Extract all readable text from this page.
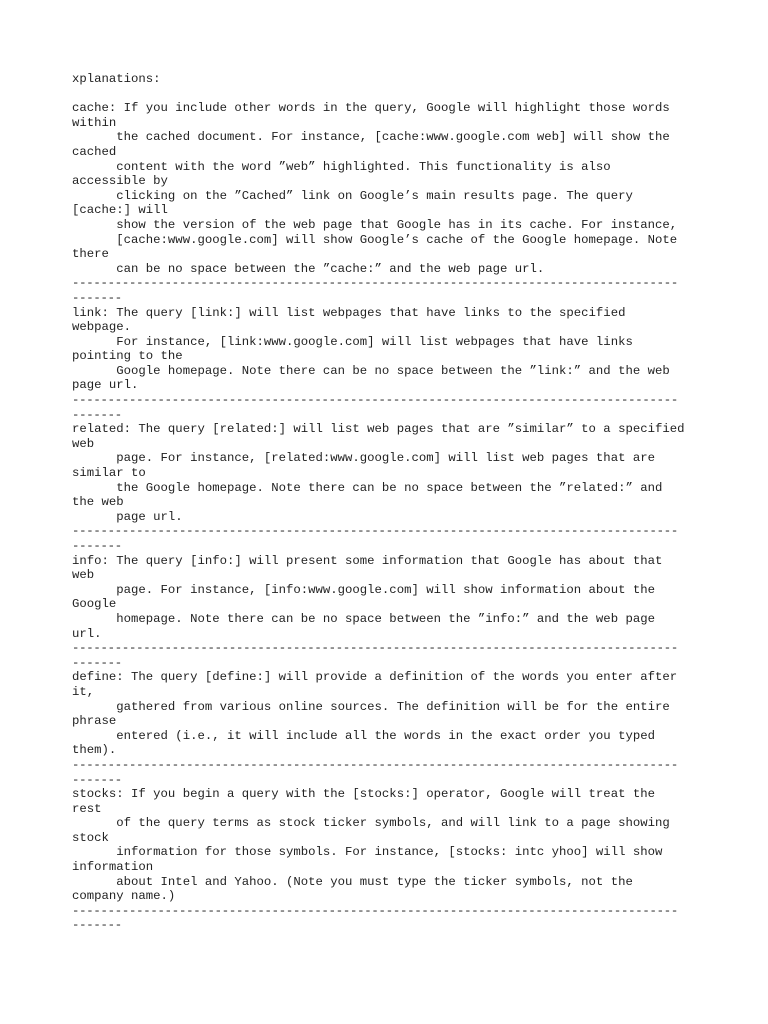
xplanations:
cache: If you include other words in the query, Google will highlight those words
within
the cached document. For instance, [cache:www.google.com web] will show the
cached
content with the word ”web” highlighted. This functionality is also
accessible by
clicking on the ”Cached” link on Google’s main results page. The query
[cache:] will
show the version of the web page that Google has in its cache. For instance,
[cache:www.google.com] will show Google’s cache of the Google homepage. Note
there
can be no space between the ”cache:” and the web page url.
-------------------------------------------------------------------------------------
-------
link: The query [link:] will list webpages that have links to the specified
webpage.
For instance, [link:www.google.com] will list webpages that have links
pointing to the
Google homepage. Note there can be no space between the ”link:” and the web
page url.
-------------------------------------------------------------------------------------
-------
related: The query [related:] will list web pages that are ”similar” to a specified
web
page. For instance, [related:www.google.com] will list web pages that are
similar to
the Google homepage. Note there can be no space between the ”related:” and
the web
page url.
-------------------------------------------------------------------------------------
-------
info: The query [info:] will present some information that Google has about that
web
page. For instance, [info:www.google.com] will show information about the
Google
homepage. Note there can be no space between the ”info:” and the web page
url.
-------------------------------------------------------------------------------------
-------
define: The query [define:] will provide a definition of the words you enter after
it,
gathered from various online sources. The definition will be for the entire
phrase
entered (i.e., it will include all the words in the exact order you typed
them).
-------------------------------------------------------------------------------------
-------
stocks: If you begin a query with the [stocks:] operator, Google will treat the
rest
of the query terms as stock ticker symbols, and will link to a page showing
stock
information for those symbols. For instance, [stocks: intc yhoo] will show
information
about Intel and Yahoo. (Note you must type the ticker symbols, not the
company name.)
-------------------------------------------------------------------------------------
-------
